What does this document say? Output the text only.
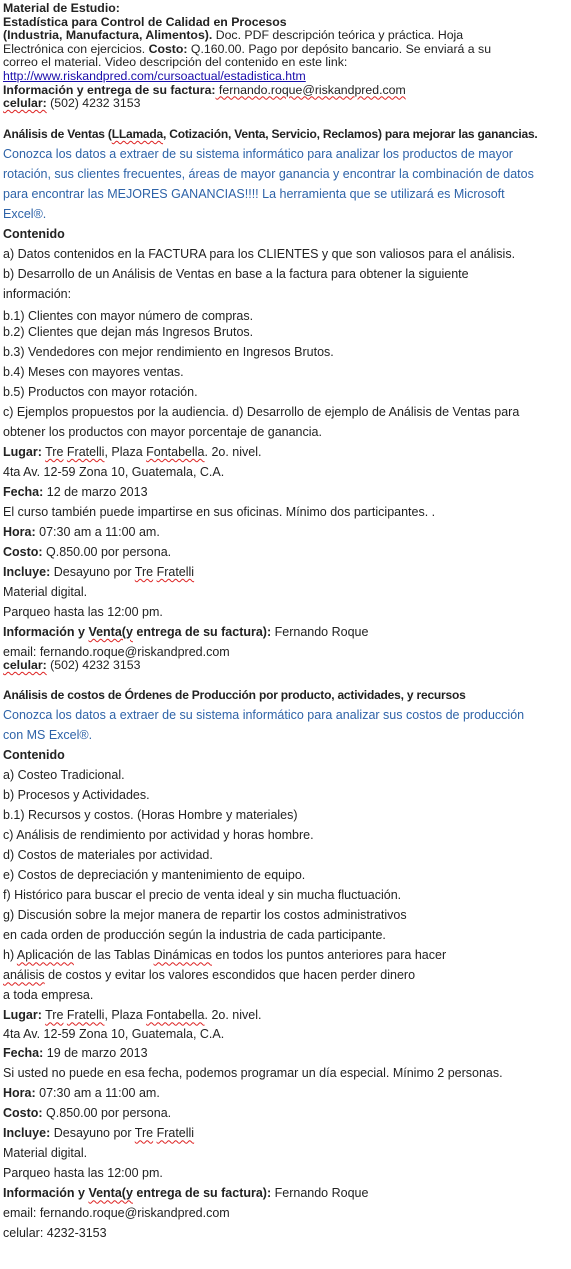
Material de Estudio:
Estadística para Control de Calidad en Procesos
(Industria, Manufactura, Alimentos). Doc. PDF descripción teórica y práctica. Hoja
Electrónica con ejercicios. Costo: Q.160.00. Pago por depósito bancario. Se enviará a su
correo el material. Video descripción del contenido en este link:
http://www.riskandpred.com/cursoactual/estadistica.htm
Información y entrega de su factura: fernando.roque@riskandpred.com
celular: (502) 4232 3153
Análisis de Ventas (LLamada, Cotización, Venta, Servicio, Reclamos) para mejorar las ganancias.
Conozca los datos a extraer de su sistema informático para analizar los productos de mayor
rotación, sus clientes frecuentes, áreas de mayor ganancia y encontrar la combinación de datos
para encontrar las MEJORES GANANCIAS!!!! La herramienta que se utilizará es Microsoft
Excel®.
Contenido
a) Datos contenidos en la FACTURA para los CLIENTES y que son valiosos para el análisis.
b) Desarrollo de un Análisis de Ventas en base a la factura para obtener la siguiente
información:
b.1) Clientes con mayor número de compras.
b.2) Clientes que dejan más Ingresos Brutos.
b.3) Vendedores con mejor rendimiento en Ingresos Brutos.
b.4) Meses con mayores ventas.
b.5) Productos con mayor rotación.
c) Ejemplos propuestos por la audiencia. d) Desarrollo de ejemplo de Análisis de Ventas para
obtener los productos con mayor porcentaje de ganancia.
Lugar: Tre Fratelli, Plaza Fontabella. 2o. nivel.
4ta Av. 12-59 Zona 10, Guatemala, C.A.
Fecha: 12 de marzo 2013
El curso también puede impartirse en sus oficinas. Mínimo dos participantes. .
Hora: 07:30 am a 11:00 am.
Costo: Q.850.00 por persona.
Incluye: Desayuno por Tre Fratelli
Material digital.
Parqueo hasta las 12:00 pm.
Información y Venta(y entrega de su factura): Fernando Roque
email: fernando.roque@riskandpred.com
celular: (502) 4232 3153
Análisis de costos de Órdenes de Producción por producto, actividades, y recursos
Conozca los datos a extraer de su sistema informático para analizar sus costos de producción
con MS Excel®.
Contenido
a) Costeo Tradicional.
b) Procesos y Actividades.
b.1) Recursos y costos. (Horas Hombre y materiales)
c) Análisis de rendimiento por actividad y horas hombre.
d) Costos de materiales por actividad.
e) Costos de depreciación y mantenimiento de equipo.
f) Histórico para buscar el precio de venta ideal y sin mucha fluctuación.
g) Discusión sobre la mejor manera de repartir los costos administrativos
en cada orden de producción según la industria de cada participante.
h) Aplicación de las Tablas Dinámicas en todos los puntos anteriores para hacer
análisis de costos y evitar los valores escondidos que hacen perder dinero
a toda empresa.
Lugar: Tre Fratelli, Plaza Fontabella. 2o. nivel.
4ta Av. 12-59 Zona 10, Guatemala, C.A.
Fecha: 19 de marzo 2013
Si usted no puede en esa fecha, podemos programar un día especial. Mínimo 2 personas.
Hora: 07:30 am a 11:00 am.
Costo: Q.850.00 por persona.
Incluye: Desayuno por Tre Fratelli
Material digital.
Parqueo hasta las 12:00 pm.
Información y Venta(y entrega de su factura): Fernando Roque
email: fernando.roque@riskandpred.com
celular: 4232-3153
